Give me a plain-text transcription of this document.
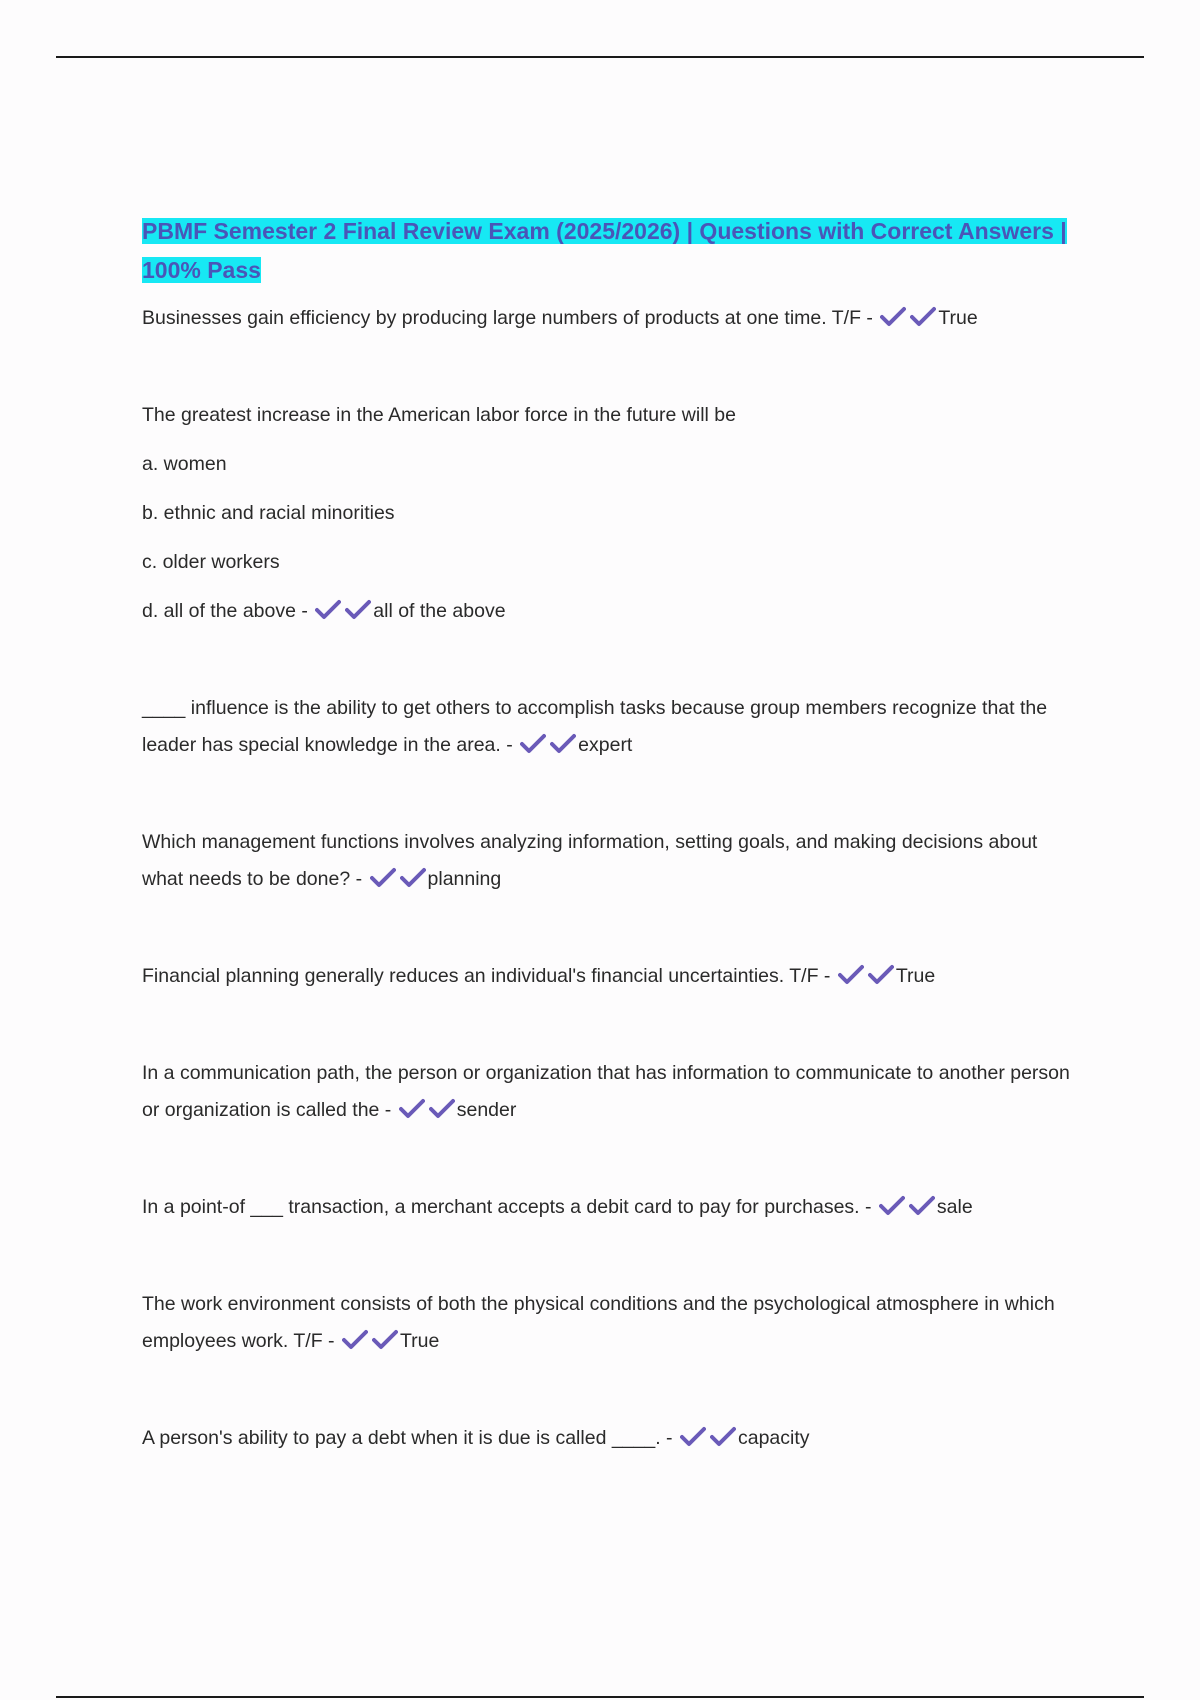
PBMF Semester 2 Final Review Exam (2025/2026) | Questions with Correct Answers | 100% Pass

Businesses gain efficiency by producing large numbers of products at one time. T/F -	True

The greatest increase in the American labor force in the future will be

a. women

b. ethnic and racial minorities

c. older workers

d. all of the above -	all of the above

____ influence is the ability to get others to accomplish tasks because group members recognize that the leader has special knowledge in the area. -	expert

Which management functions involves analyzing information, setting goals, and making decisions about what needs to be done? -	planning

Financial planning generally reduces an individual's financial uncertainties. T/F -	True

In a communication path, the person or organization that has information to communicate to another person or organization is called the -	sender

In a point-of ___ transaction, a merchant accepts a debit card to pay for purchases. -	sale

The work environment consists of both the physical conditions and the psychological atmosphere in which employees work. T/F -	True

A person's ability to pay a debt when it is due is called ____. -	capacity
